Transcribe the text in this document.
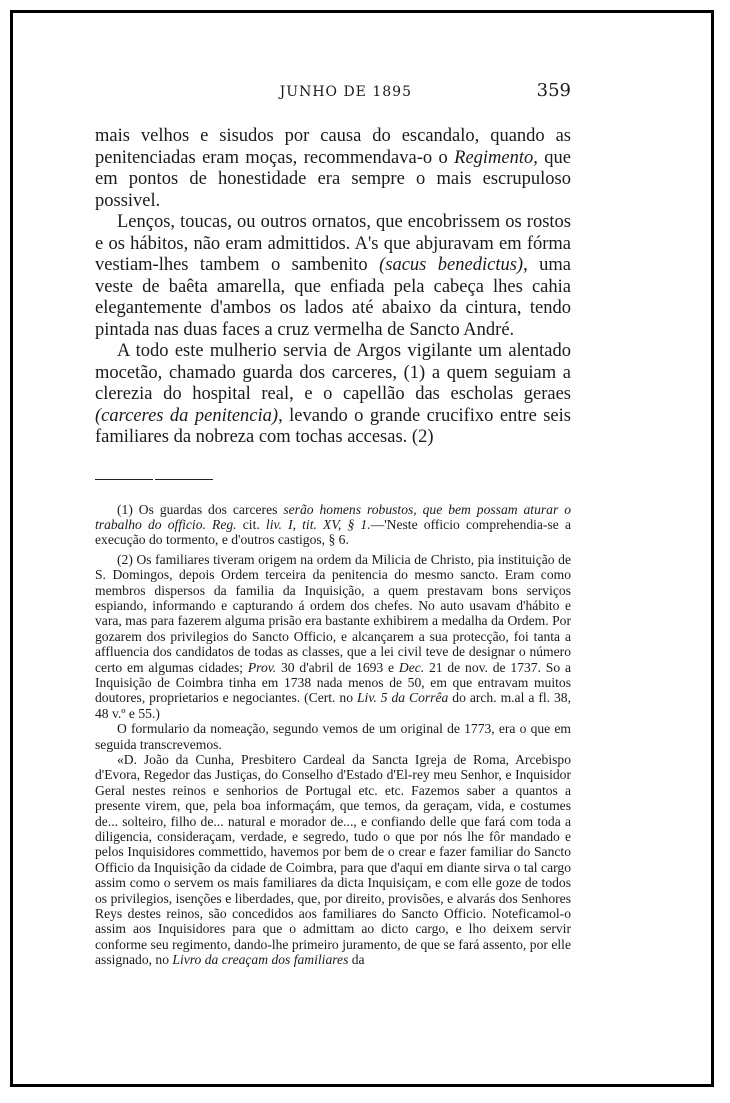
JUNHO DE 1895	359

mais velhos e sisudos por causa do escandalo, quando as penitenciadas eram moças, recommendava-o o Regimento, que em pontos de honestidade era sempre o mais escrupuloso possivel.

Lenços, toucas, ou outros ornatos, que encobrissem os rostos e os hábitos, não eram admittidos. A's que abjuravam em fórma vestiam-lhes tambem o sambenito (sacus benedictus), uma veste de baêta amarella, que enfiada pela cabeça lhes cahia elegantemente d'ambos os lados até abaixo da cintura, tendo pintada nas duas faces a cruz vermelha de Sancto André.

A todo este mulherio servia de Argos vigilante um alentado mocetão, chamado guarda dos carceres, (1) a quem seguiam a clerezia do hospital real, e o capellão das escholas geraes (carceres da penitencia), levando o grande crucifixo entre seis familiares da nobreza com tochas accesas. (2)

(1) Os guardas dos carceres serão homens robustos, que bem possam aturar o trabalho do officio. Reg. cit. liv. I, tit. XV, § 1.—'Neste officio comprehendia-se a execução do tormento, e d'outros castigos, § 6.

(2) Os familiares tiveram origem na ordem da Milicia de Christo, pia instituição de S. Domingos, depois Ordem terceira da penitencia do mesmo sancto. Eram como membros dispersos da familia da Inquisição, a quem prestavam bons serviços espiando, informando e capturando á ordem dos chefes. No auto usavam d'hábito e vara, mas para fazerem alguma prisão era bastante exhibirem a medalha da Ordem. Por gozarem dos privilegios do Sancto Officio, e alcançarem a sua protecção, foi tanta a affluencia dos candidatos de todas as classes, que a lei civil teve de designar o número certo em algumas cidades; Prov. 30 d'abril de 1693 e Dec. 21 de nov. de 1737. So a Inquisição de Coimbra tinha em 1738 nada menos de 50, em que entravam muitos doutores, proprietarios e negociantes. (Cert. no Liv. 5 da Corrêa do arch. m.al a fl. 38, 48 v.º e 55.)

O formulario da nomeação, segundo vemos de um original de 1773, era o que em seguida transcrevemos.

«D. João da Cunha, Presbitero Cardeal da Sancta Igreja de Roma, Arcebispo d'Evora, Regedor das Justiças, do Conselho d'Estado d'El-rey meu Senhor, e Inquisidor Geral nestes reinos e senhorios de Portugal etc. etc. Fazemos saber a quantos a presente virem, que, pela boa informaçám, que temos, da geraçam, vida, e costumes de... solteiro, filho de... natural e morador de..., e confiando delle que fará com toda a diligencia, consideraçam, verdade, e segredo, tudo o que por nós lhe fôr mandado e pelos Inquisidores commettido, havemos por bem de o crear e fazer familiar do Sancto Officio da Inquisição da cidade de Coimbra, para que d'aqui em diante sirva o tal cargo assim como o servem os mais familiares da dicta Inquisiçam, e com elle goze de todos os privilegios, isenções e liberdades, que, por direito, provisões, e alvarás dos Senhores Reys destes reinos, são concedidos aos familiares do Sancto Officio. Noteficamol-o assim aos Inquisidores para que o admittam ao dicto cargo, e lho deixem servir conforme seu regimento, dando-lhe primeiro juramento, de que se fará assento, por elle assignado, no Livro da creaçam dos familiares da
